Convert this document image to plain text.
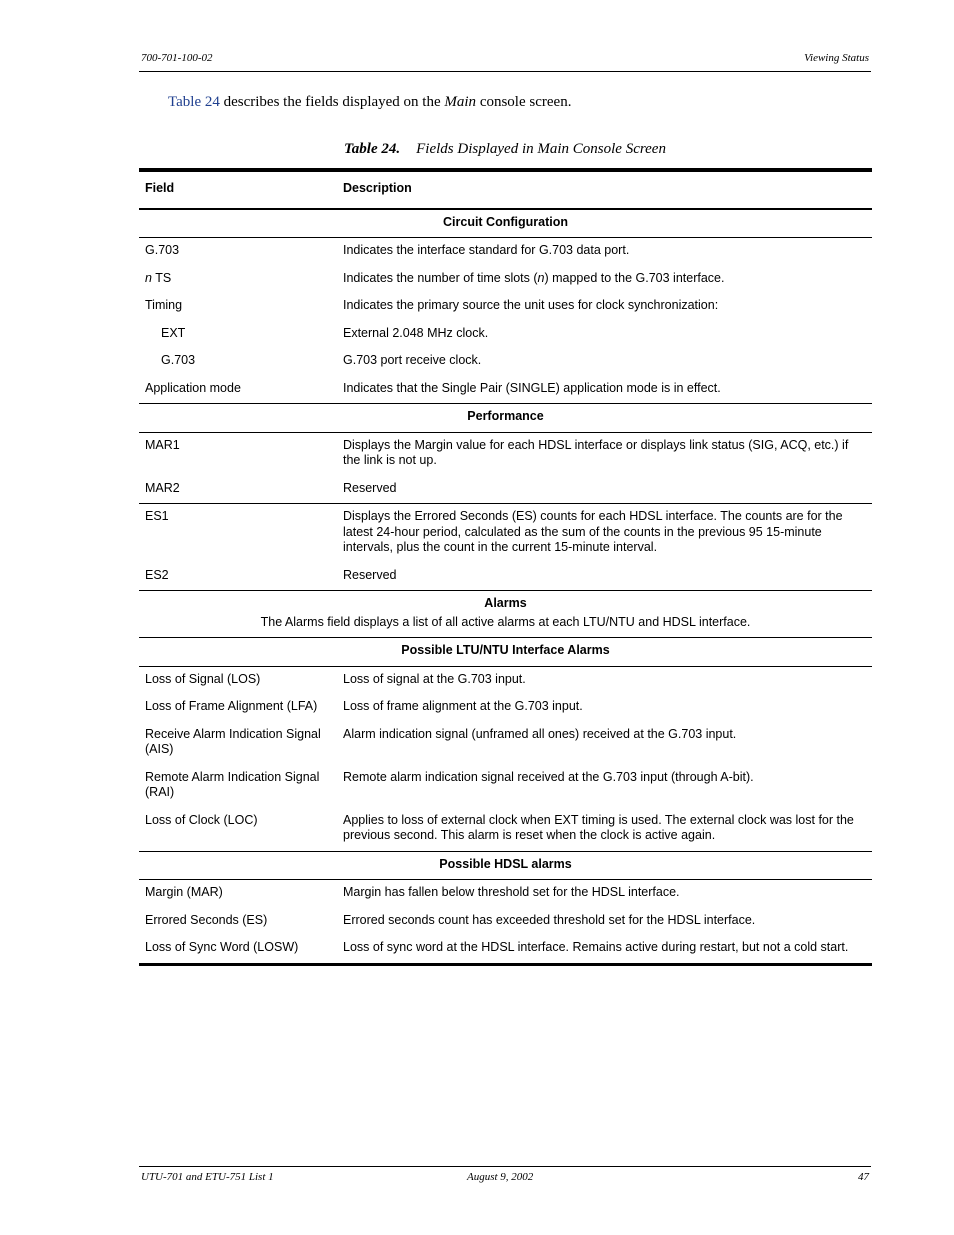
700-701-100-02	Viewing Status
Table 24 describes the fields displayed on the Main console screen.
Table 24. Fields Displayed in Main Console Screen
Field	Description
Circuit Configuration	
G.703	Indicates the interface standard for G.703 data port.
n TS	Indicates the number of time slots (n) mapped to the G.703 interface.
Timing	Indicates the primary source the unit uses for clock synchronization:
EXT	External 2.048 MHz clock.
G.703	G.703 port receive clock.
Application mode	Indicates that the Single Pair (SINGLE) application mode is in effect.
Performance	
MAR1	Displays the Margin value for each HDSL interface or displays link status (SIG, ACQ, etc.) if the link is not up.
MAR2	Reserved
ES1	Displays the Errored Seconds (ES) counts for each HDSL interface. The counts are for the latest 24-hour period, calculated as the sum of the counts in the previous 95 15-minute intervals, plus the count in the current 15-minute interval.
ES2	Reserved

Alarms
The Alarms field displays a list of all active alarms at each LTU/NTU and HDSL interface.	

Possible LTU/NTU Interface Alarms	
Loss of Signal (LOS)	Loss of signal at the G.703 input.
Loss of Frame Alignment (LFA)	Loss of frame alignment at the G.703 input.
Receive Alarm Indication Signal (AIS)	Alarm indication signal (unframed all ones) received at the G.703 input.
Remote Alarm Indication Signal (RAI)	Remote alarm indication signal received at the G.703 input (through A-bit).
Loss of Clock (LOC)	Applies to loss of external clock when EXT timing is used. The external clock was lost for the previous second. This alarm is reset when the clock is active again.
Possible HDSL alarms	
Margin (MAR)	Margin has fallen below threshold set for the HDSL interface.
Errored Seconds (ES)	Errored seconds count has exceeded threshold set for the HDSL interface.
Loss of Sync Word (LOSW)	Loss of sync word at the HDSL interface. Remains active during restart, but not a cold start.
UTU-701 and ETU-751 List 1	August 9, 2002	47
